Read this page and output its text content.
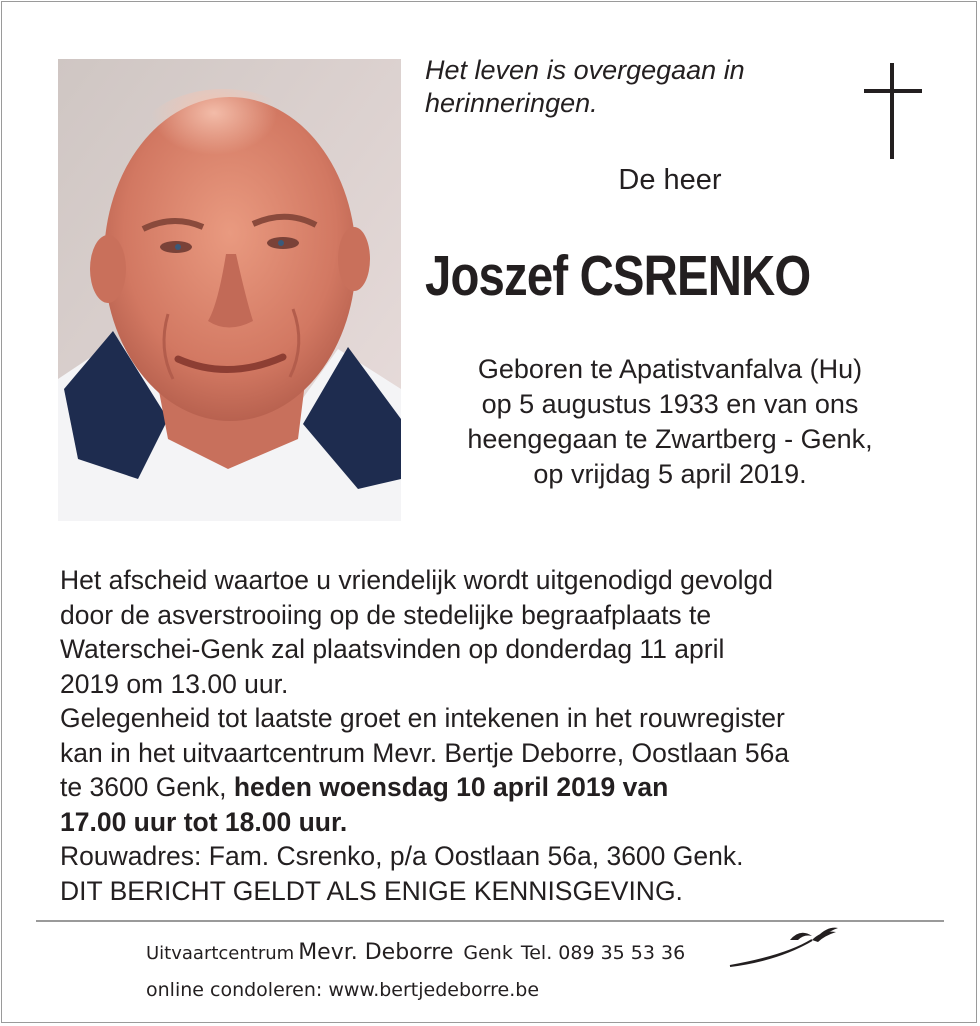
Het leven is overgegaan in
herinneringen.

De heer
Joszef CSRENKO
Geboren te Apatistvanfalva (Hu)
op 5 augustus 1933 en van ons
heengegaan te Zwartberg - Genk,
op vrijdag 5 april 2019.
Het afscheid waartoe u vriendelijk wordt uitgenodigd gevolgd
door de asverstrooiing op de stedelijke begraafplaats te
Waterschei-Genk zal plaatsvinden op donderdag 11 april
2019 om 13.00 uur.
Gelegenheid tot laatste groet en intekenen in het rouwregister
kan in het uitvaartcentrum Mevr. Bertje Deborre, Oostlaan 56a
te 3600 Genk, heden woensdag 10 april 2019 van
17.00 uur tot 18.00 uur.
Rouwadres: Fam. Csrenko, p/a Oostlaan 56a, 3600 Genk.
DIT BERICHT GELDT ALS ENIGE KENNISGEVING.
Uitvaartcentrum Mevr. Deborre Genk Tel. 089 35 53 36
online condoleren: www.bertjedeborre.be
